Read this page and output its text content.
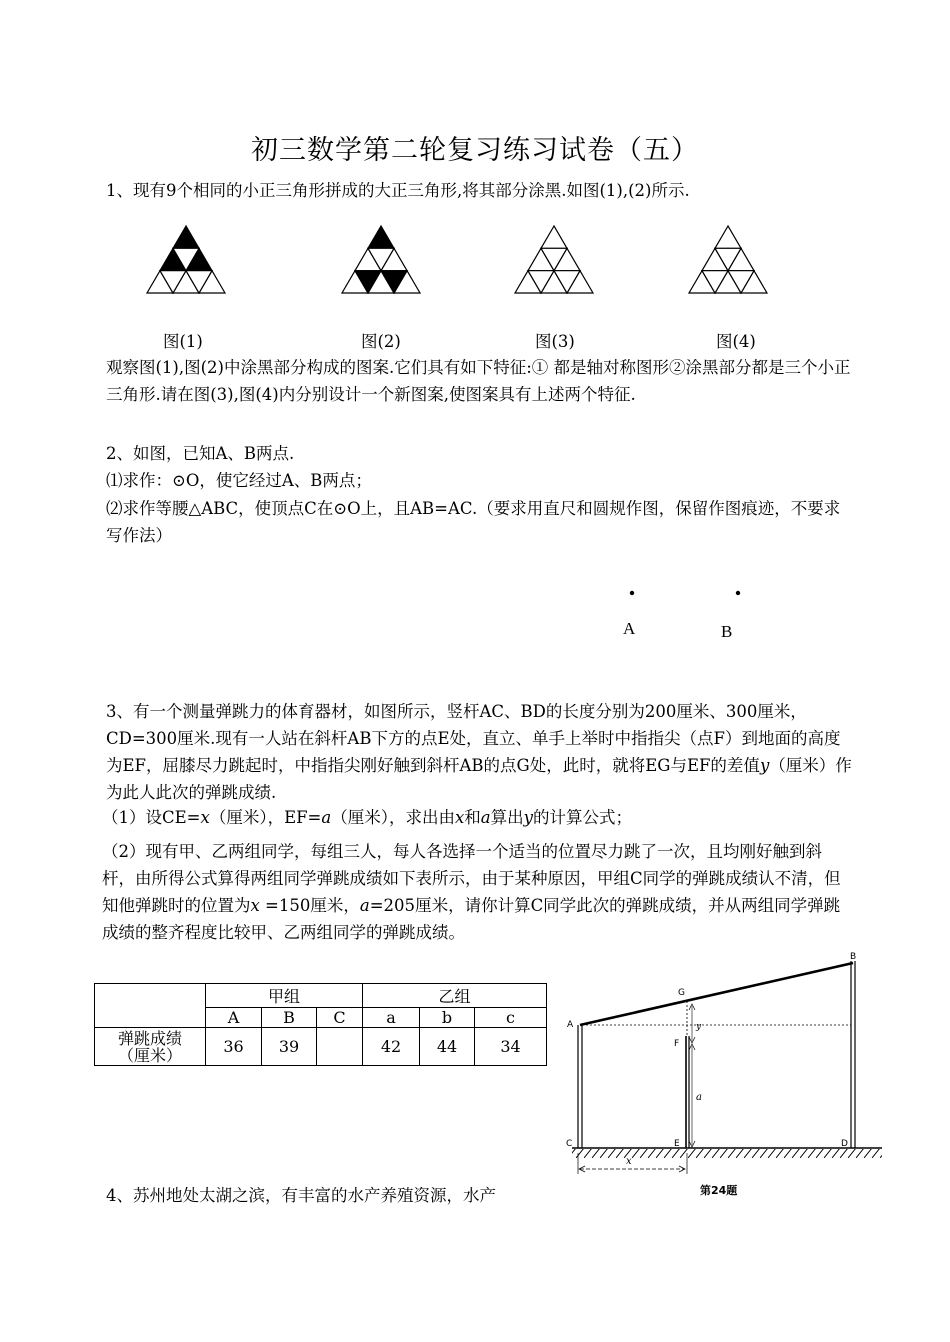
初三数学第二轮复习练习试卷（五）
1、现有9个相同的小正三角形拼成的大正三角形,将其部分涂黑.如图(1),(2)所示.
图(1)	图(2)	图(3)	图(4)
观察图(1),图(2)中涂黑部分构成的图案.它们具有如下特征:① 都是轴对称图形②涂黑部分都是三个小正三角形.请在图(3),图(4)内分别设计一个新图案,使图案具有上述两个特征.
2、如图，已知A、B两点.
⑴求作：⊙O，使它经过A、B两点；
⑵求作等腰△ABC，使顶点C在⊙O上，且AB=AC.（要求用直尺和圆规作图，保留作图痕迹，不要求写作法）
A	B
3、有一个测量弹跳力的体育器材，如图所示，竖杆AC、BD的长度分别为200厘米、300厘米，CD=300厘米.现有一人站在斜杆AB下方的点E处，直立、单手上举时中指指尖（点F）到地面的高度为EF，屈膝尽力跳起时，中指指尖刚好触到斜杆AB的点G处，此时，就将EG与EF的差值y（厘米）作为此人此次的弹跳成绩.
（1）设CE=x（厘米），EF=a（厘米），求出由x和a算出y的计算公式；
（2）现有甲、乙两组同学，每组三人，每人各选择一个适当的位置尽力跳了一次，且均刚好触到斜杆，由所得公式算得两组同学弹跳成绩如下表所示，由于某种原因，甲组C同学的弹跳成绩认不清，但知他弹跳时的位置为x =150厘米，a=205厘米，请你计算C同学此次的弹跳成绩，并从两组同学弹跳成绩的整齐程度比较甲、乙两组同学的弹跳成绩。
	甲组			乙组		
	A	B	C	a	b	c

弹跳成绩
（厘米）	36	39		42	44	34
A
B
C	D
E
F
G
y
a
x
第24题
4、苏州地处太湖之滨，有丰富的水产养殖资源，水产
